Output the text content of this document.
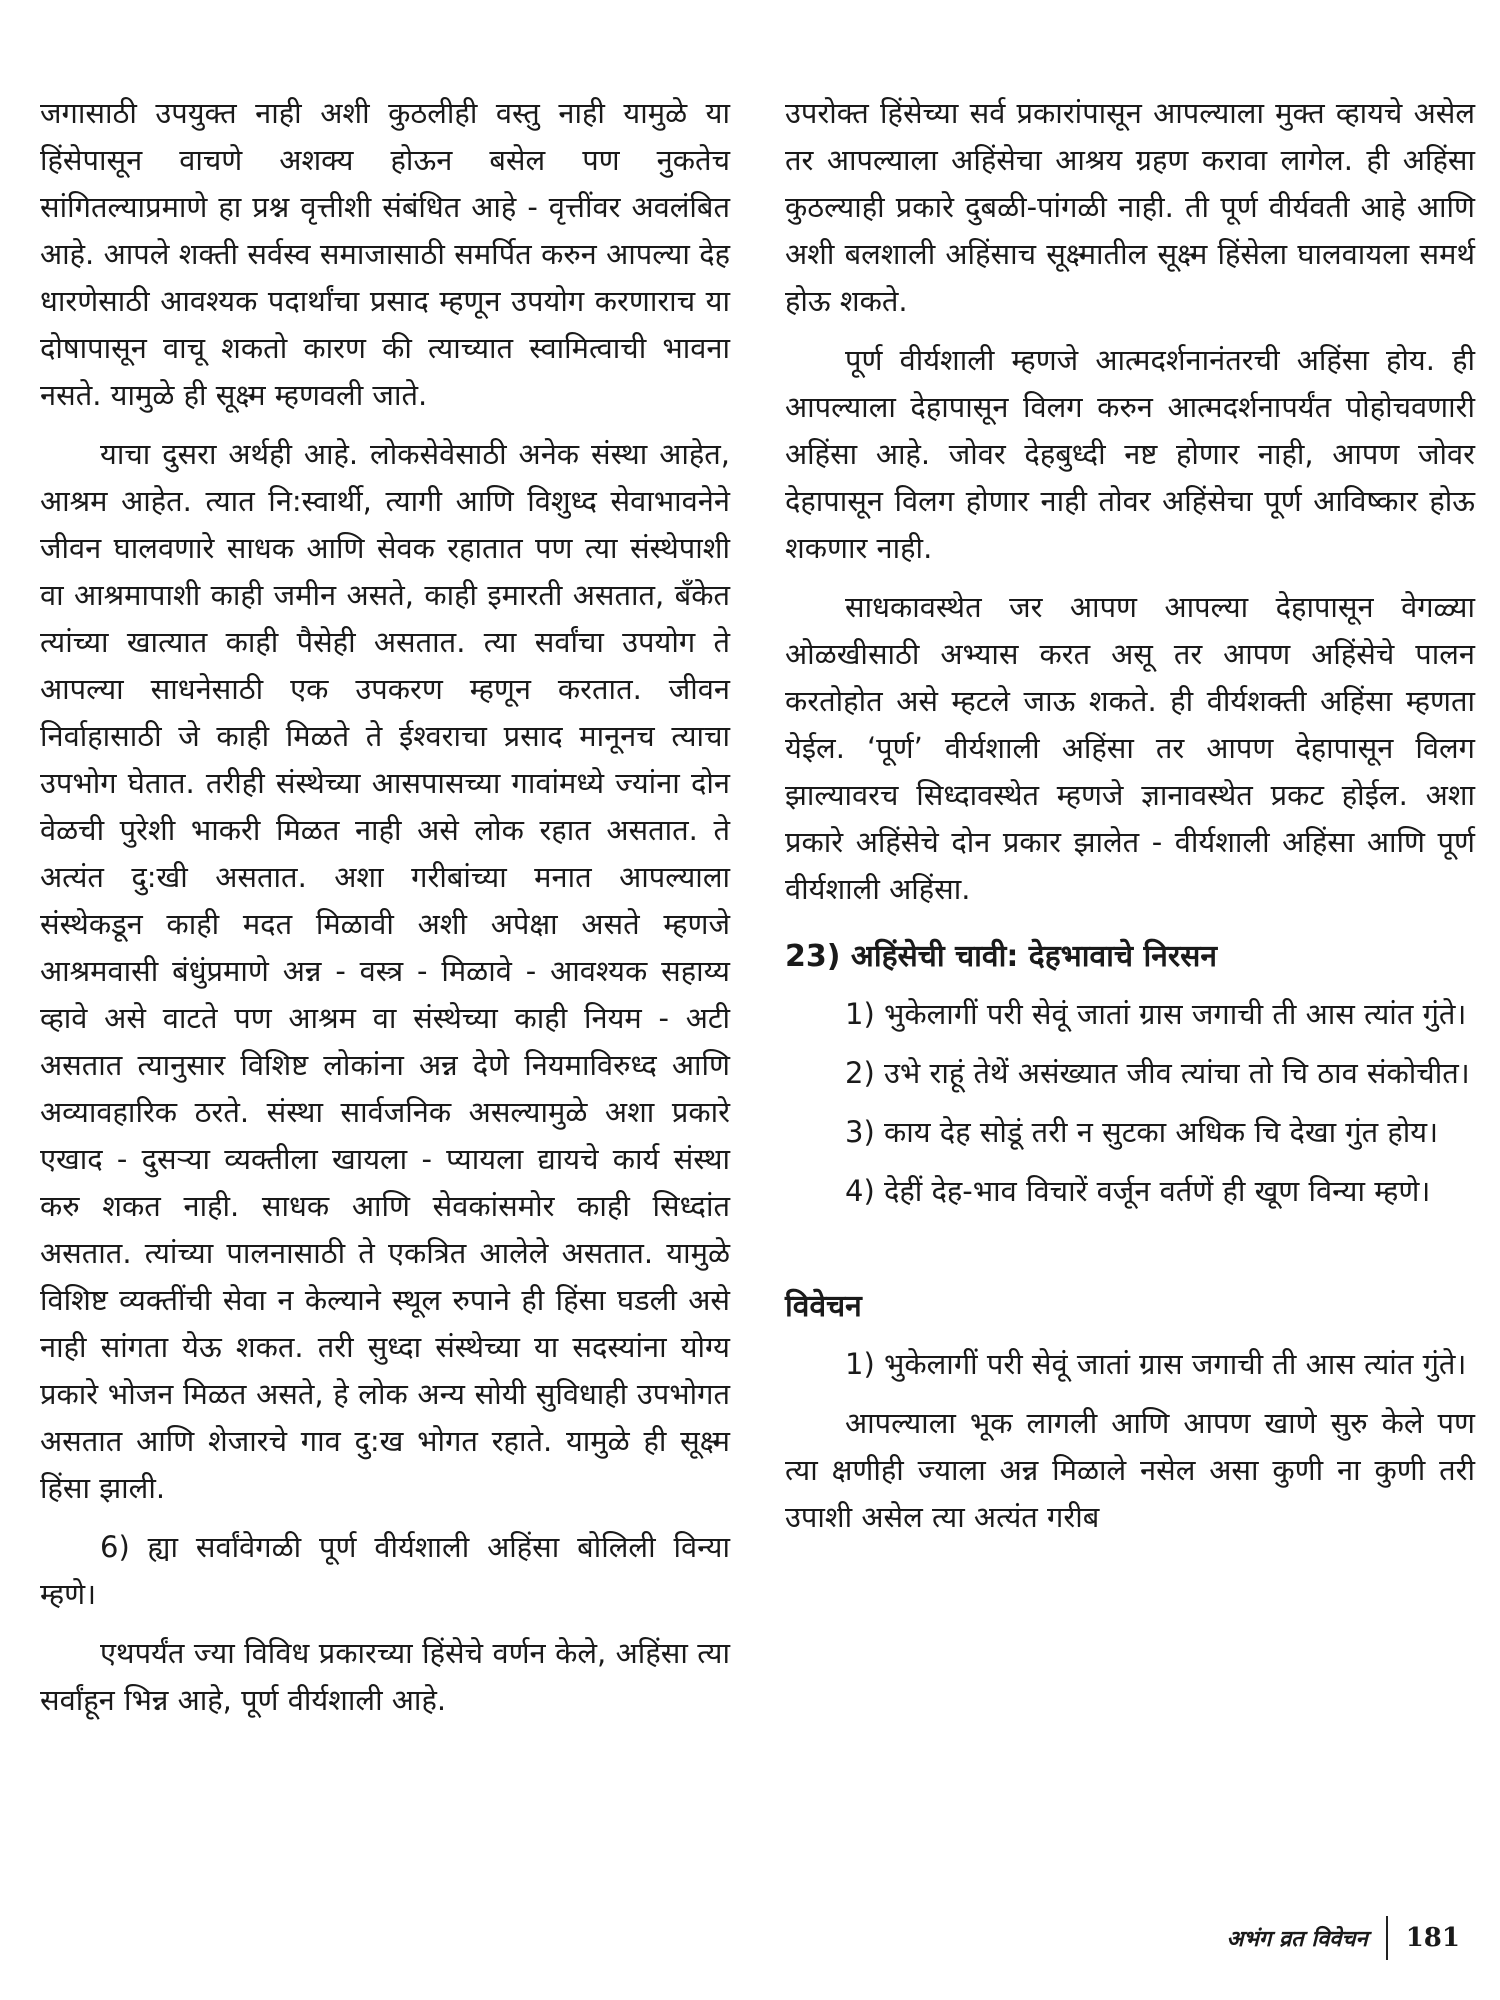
जगासाठी उपयुक्त नाही अशी कुठलीही वस्तु नाही यामुळे या हिंसेपासून वाचणे अशक्य होऊन बसेल पण नुकतेच सांगितल्याप्रमाणे हा प्रश्न वृत्तीशी संबंधित आहे - वृत्तींवर अवलंबित आहे. आपले शक्ती सर्वस्व समाजासाठी समर्पित करुन आपल्या देह धारणेसाठी आवश्यक पदार्थांचा प्रसाद म्हणून उपयोग करणाराच या दोषापासून वाचू शकतो कारण की त्याच्यात स्वामित्वाची भावना नसते. यामुळे ही सूक्ष्म म्हणवली जाते.

याचा दुसरा अर्थही आहे. लोकसेवेसाठी अनेक संस्था आहेत, आश्रम आहेत. त्यात नि:स्वार्थी, त्यागी आणि विशुध्द सेवाभावनेने जीवन घालवणारे साधक आणि सेवक रहातात पण त्या संस्थेपाशी वा आश्रमापाशी काही जमीन असते, काही इमारती असतात, बँकेत त्यांच्या खात्यात काही पैसेही असतात. त्या सर्वांचा उपयोग ते आपल्या साधनेसाठी एक उपकरण म्हणून करतात. जीवन निर्वाहासाठी जे काही मिळते ते ईश्वराचा प्रसाद मानूनच त्याचा उपभोग घेतात. तरीही संस्थेच्या आसपासच्या गावांमध्ये ज्यांना दोन वेळची पुरेशी भाकरी मिळत नाही असे लोक रहात असतात. ते अत्यंत दु:खी असतात. अशा गरीबांच्या मनात आपल्याला संस्थेकडून काही मदत मिळावी अशी अपेक्षा असते म्हणजे आश्रमवासी बंधुंप्रमाणे अन्न - वस्त्र - मिळावे - आवश्यक सहाय्य व्हावे असे वाटते पण आश्रम वा संस्थेच्या काही नियम - अटी असतात त्यानुसार विशिष्ट लोकांना अन्न देणे नियमाविरुध्द आणि अव्यावहारिक ठरते. संस्था सार्वजनिक असल्यामुळे अशा प्रकारे एखाद - दुसऱ्या व्यक्तीला खायला - प्यायला द्यायचे कार्य संस्था करु शकत नाही. साधक आणि सेवकांसमोर काही सिध्दांत असतात. त्यांच्या पालनासाठी ते एकत्रित आलेले असतात. यामुळे विशिष्ट व्यक्तींची सेवा न केल्याने स्थूल रुपाने ही हिंसा घडली असे नाही सांगता येऊ शकत. तरी सुध्दा संस्थेच्या या सदस्यांना योग्य प्रकारे भोजन मिळत असते, हे लोक अन्य सोयी सुविधाही उपभोगत असतात आणि शेजारचे गाव दु:ख भोगत रहाते. यामुळे ही सूक्ष्म हिंसा झाली.

6) ह्या सर्वांवेगळी पूर्ण वीर्यशाली अहिंसा बोलिली विन्या म्हणे।

एथपर्यंत ज्या विविध प्रकारच्या हिंसेचे वर्णन केले, अहिंसा त्या सर्वांहून भिन्न आहे, पूर्ण वीर्यशाली आहे.

उपरोक्त हिंसेच्या सर्व प्रकारांपासून आपल्याला मुक्त व्हायचे असेल तर आपल्याला अहिंसेचा आश्रय ग्रहण करावा लागेल. ही अहिंसा कुठल्याही प्रकारे दुबळी-पांगळी नाही. ती पूर्ण वीर्यवती आहे आणि अशी बलशाली अहिंसाच सूक्ष्मातील सूक्ष्म हिंसेला घालवायला समर्थ होऊ शकते.

पूर्ण वीर्यशाली म्हणजे आत्मदर्शनानंतरची अहिंसा होय. ही आपल्याला देहापासून विलग करुन आत्मदर्शनापर्यंत पोहोचवणारी अहिंसा आहे. जोवर देहबुध्दी नष्ट होणार नाही, आपण जोवर देहापासून विलग होणार नाही तोवर अहिंसेचा पूर्ण आविष्कार होऊ शकणार नाही.

साधकावस्थेत जर आपण आपल्या देहापासून वेगळ्या ओळखीसाठी अभ्यास करत असू तर आपण अहिंसेचे पालन करतोहोत असे म्हटले जाऊ शकते. ही वीर्यशक्ती अहिंसा म्हणता येईल. ‘पूर्ण’ वीर्यशाली अहिंसा तर आपण देहापासून विलग झाल्यावरच सिध्दावस्थेत म्हणजे ज्ञानावस्थेत प्रकट होईल. अशा प्रकारे अहिंसेचे दोन प्रकार झालेत - वीर्यशाली अहिंसा आणि पूर्ण वीर्यशाली अहिंसा.

23) अहिंसेची चावी: देहभावाचे निरसन

1) भुकेलागीं परी सेवूं जातां ग्रास जगाची ती आस त्यांत गुंते।

2) उभे राहूं तेथें असंख्यात जीव त्यांचा तो चि ठाव संकोचीत।

3) काय देह सोडूं तरी न सुटका अधिक चि देखा गुंत होय।

4) देहीं देह-भाव विचारें वर्जून वर्तणें ही खूण विन्या म्हणे।

विवेचन

1) भुकेलागीं परी सेवूं जातां ग्रास जगाची ती आस त्यांत गुंते।

आपल्याला भूक लागली आणि आपण खाणे सुरु केले पण त्या क्षणीही ज्याला अन्न मिळाले नसेल असा कुणी ना कुणी तरी उपाशी असेल त्या अत्यंत गरीब

अभंग व्रत विवेचन 181
